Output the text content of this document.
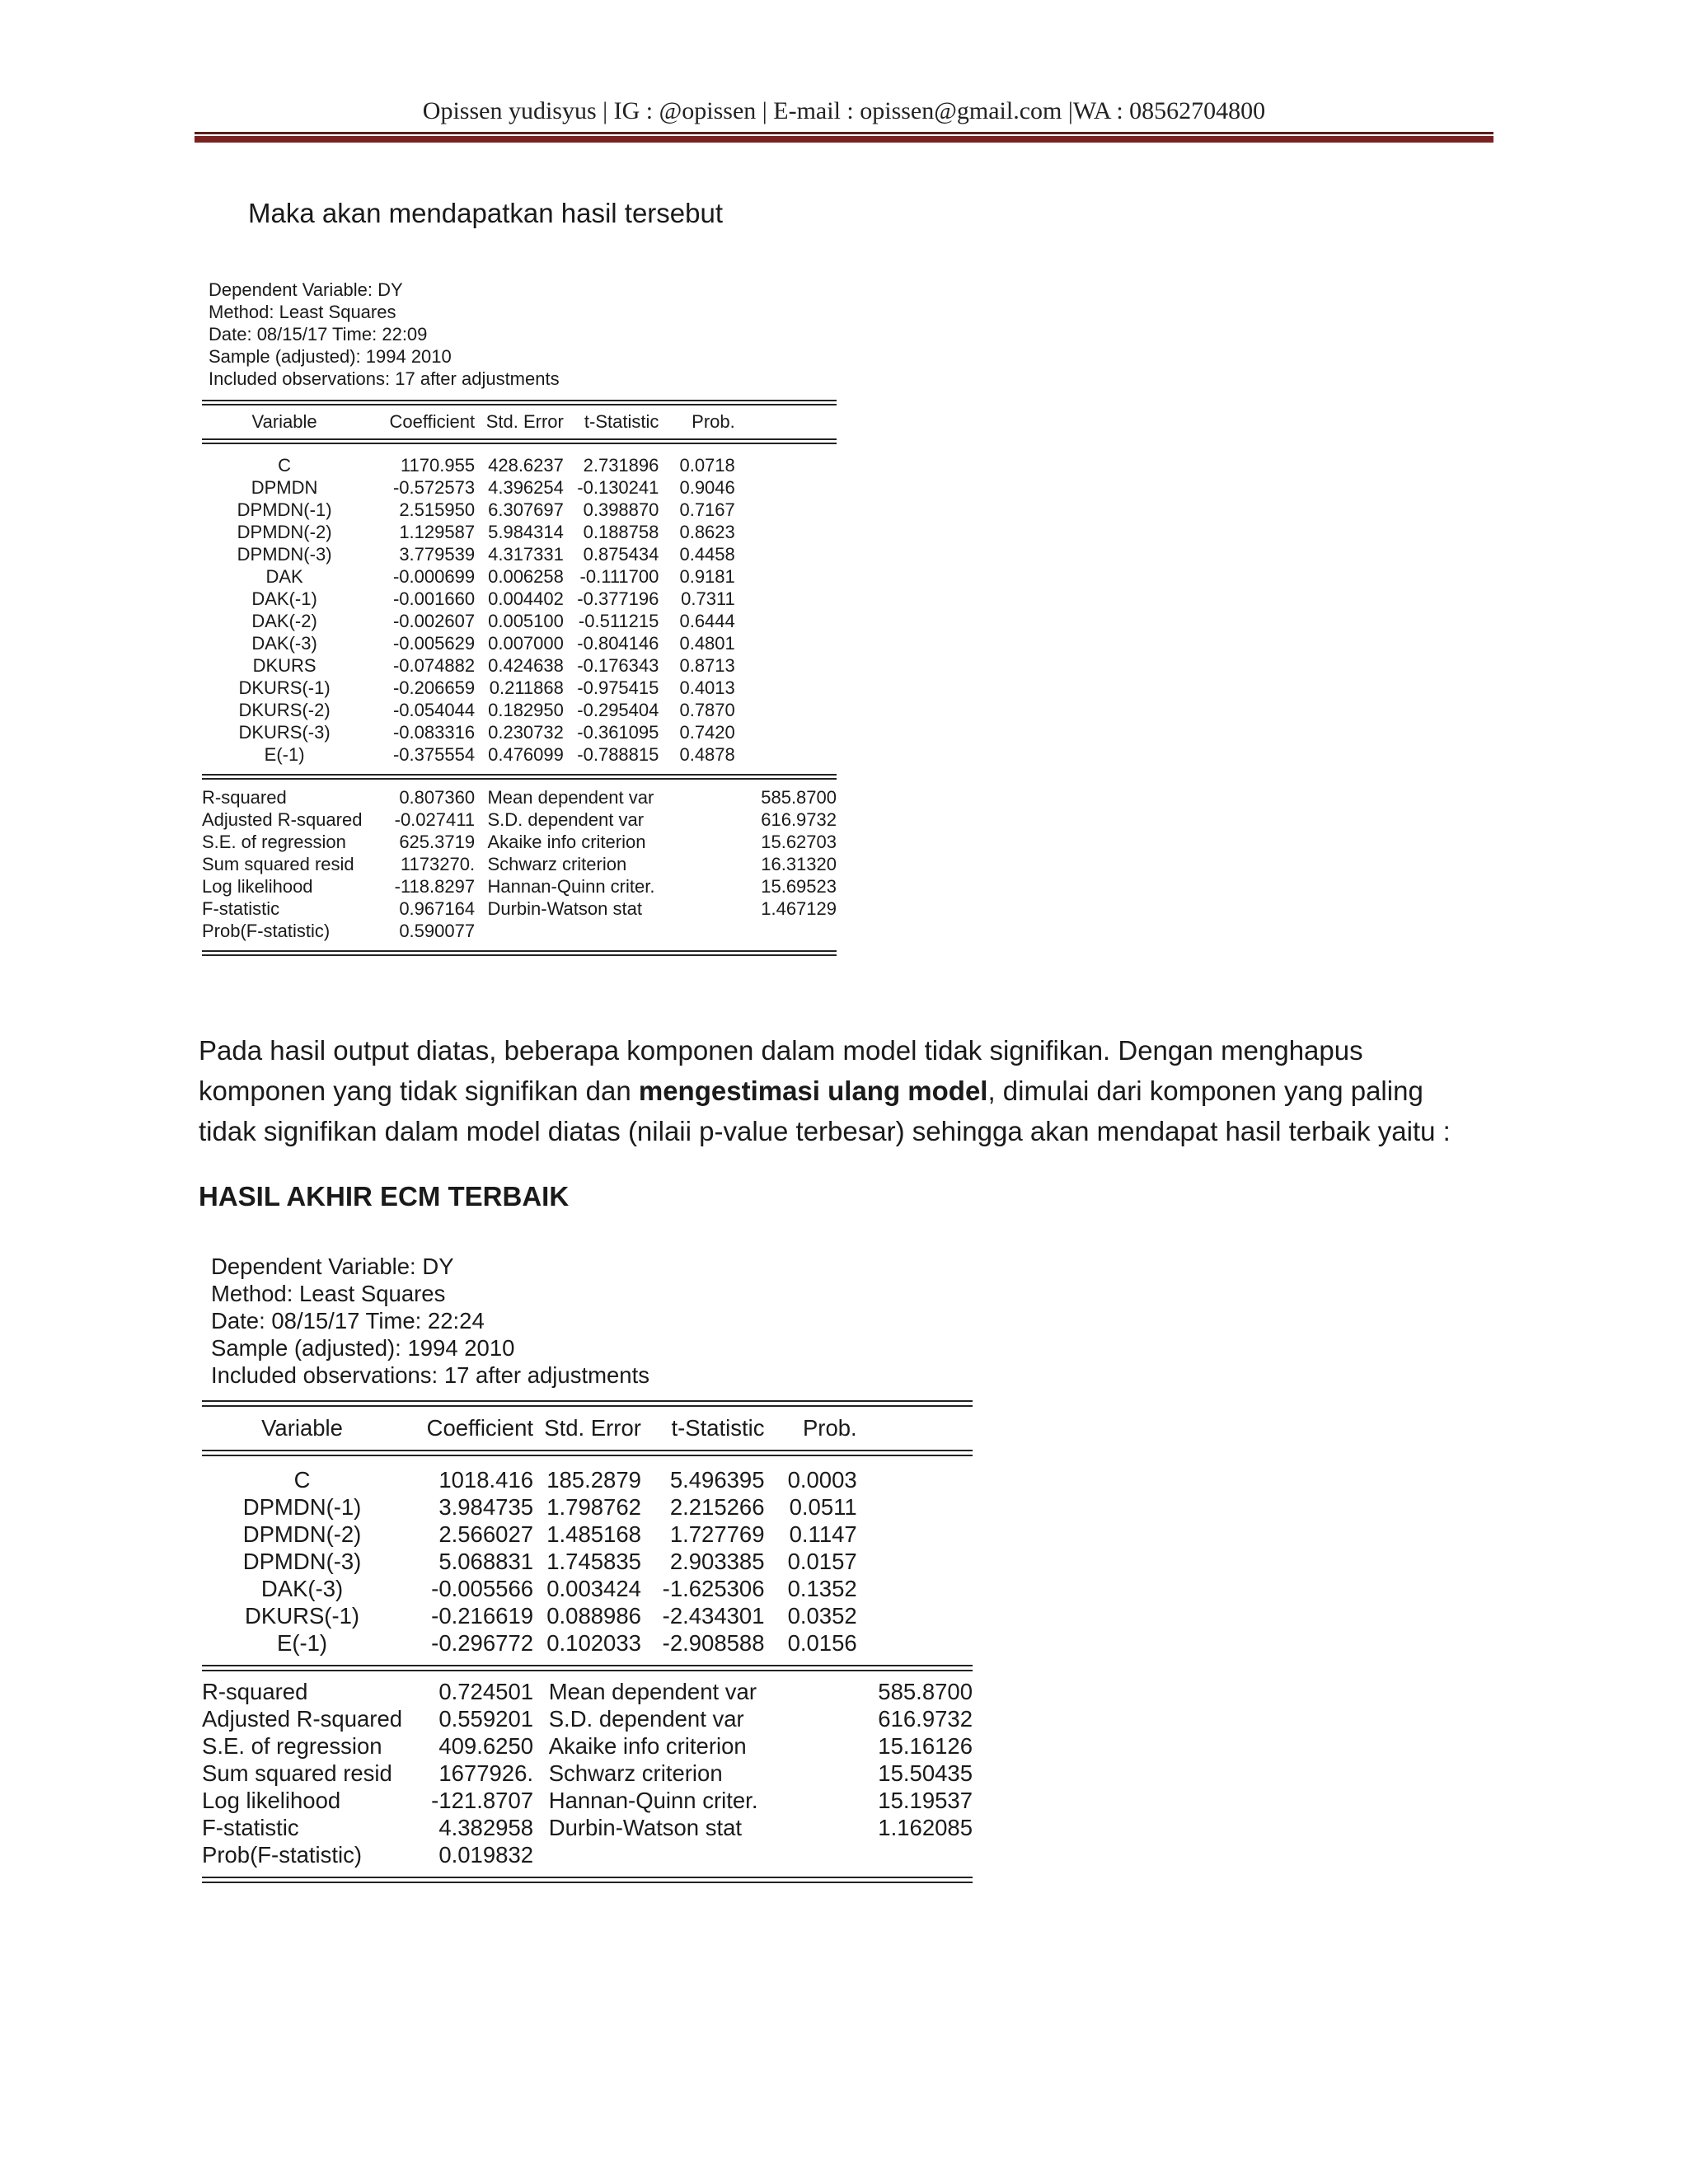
Opissen yudisyus | IG : @opissen | E-mail : opissen@gmail.com |WA : 08562704800
Maka akan mendapatkan hasil tersebut
Dependent Variable: DY
Method: Least Squares
Date: 08/15/17 Time: 22:09
Sample (adjusted): 1994 2010
Included observations: 17 after adjustments
Variable	Coefficient	Std. Error	t-Statistic	Prob.	
C	1170.955	428.6237	2.731896	0.0718	
DPMDN	-0.572573	4.396254	-0.130241	0.9046	
DPMDN(-1)	2.515950	6.307697	0.398870	0.7167	
DPMDN(-2)	1.129587	5.984314	0.188758	0.8623	
DPMDN(-3)	3.779539	4.317331	0.875434	0.4458	
DAK	-0.000699	0.006258	-0.111700	0.9181	
DAK(-1)	-0.001660	0.004402	-0.377196	0.7311	
DAK(-2)	-0.002607	0.005100	-0.511215	0.6444	
DAK(-3)	-0.005629	0.007000	-0.804146	0.4801	
DKURS	-0.074882	0.424638	-0.176343	0.8713	
DKURS(-1)	-0.206659	0.211868	-0.975415	0.4013	
DKURS(-2)	-0.054044	0.182950	-0.295404	0.7870	
DKURS(-3)	-0.083316	0.230732	-0.361095	0.7420	
E(-1)	-0.375554	0.476099	-0.788815	0.4878	
R-squared	0.807360		Mean dependent var	585.8700
Adjusted R-squared	-0.027411		S.D. dependent var	616.9732
S.E. of regression	625.3719		Akaike info criterion	15.62703
Sum squared resid	1173270.		Schwarz criterion	16.31320
Log likelihood	-118.8297		Hannan-Quinn criter.	15.69523
F-statistic	0.967164		Durbin-Watson stat	1.467129
Prob(F-statistic)	0.590077			
Pada hasil output diatas, beberapa komponen dalam model tidak signifikan. Dengan menghapus komponen yang tidak signifikan dan mengestimasi ulang model, dimulai dari komponen yang paling tidak signifikan dalam model diatas (nilaii p-value terbesar) sehingga akan mendapat hasil terbaik yaitu :
HASIL AKHIR ECM TERBAIK
Dependent Variable: DY
Method: Least Squares
Date: 08/15/17 Time: 22:24
Sample (adjusted): 1994 2010
Included observations: 17 after adjustments
Variable	Coefficient	Std. Error	t-Statistic	Prob.	
C	1018.416	185.2879	5.496395	0.0003	
DPMDN(-1)	3.984735	1.798762	2.215266	0.0511	
DPMDN(-2)	2.566027	1.485168	1.727769	0.1147	
DPMDN(-3)	5.068831	1.745835	2.903385	0.0157	
DAK(-3)	-0.005566	0.003424	-1.625306	0.1352	
DKURS(-1)	-0.216619	0.088986	-2.434301	0.0352	
E(-1)	-0.296772	0.102033	-2.908588	0.0156	
R-squared	0.724501		Mean dependent var	585.8700
Adjusted R-squared	0.559201		S.D. dependent var	616.9732
S.E. of regression	409.6250		Akaike info criterion	15.16126
Sum squared resid	1677926.		Schwarz criterion	15.50435
Log likelihood	-121.8707		Hannan-Quinn criter.	15.19537
F-statistic	4.382958		Durbin-Watson stat	1.162085
Prob(F-statistic)	0.019832			
